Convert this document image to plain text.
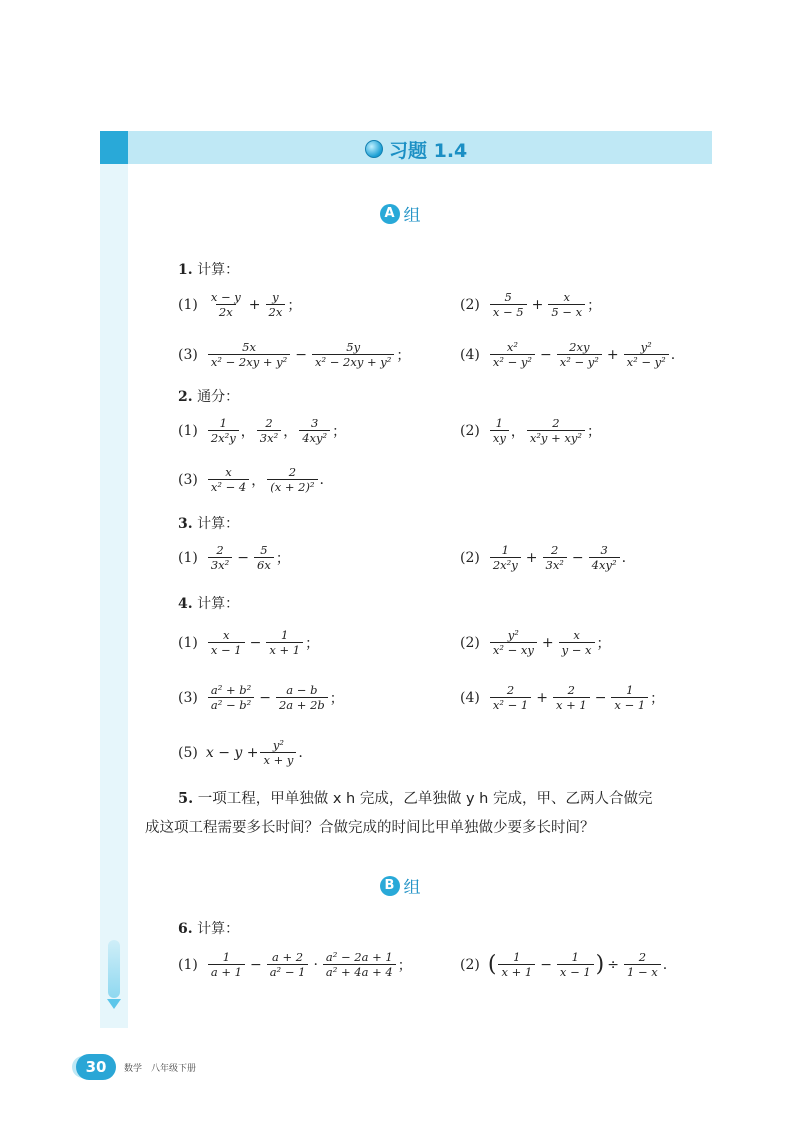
习题 1.4
A 组
1. 计算：
$(1) \frac{x - y}{2x} + \frac{y}{2x}$ ；	$(2) \frac{5}{x - 5} + \frac{x}{5 - x}$ ；
$(3) \frac{5x}{\text{x² − 2xy + y²}} - \frac{5y}{\text{x² − 2xy + y²}}$ ；	$(4) \frac{\text{x²}}{\text{x² − y²}} - \frac{2xy}{\text{x² − y²}} + \frac{\text{y²}}{\text{x² − y²}}$ .
2. 通分：
$(1) \frac{1}{\text{2x²y}}$ ， $\frac{2}{\text{3x²}}$ ， $\frac{3}{\text{4xy²}}$ ；	$(2) \frac{1}{xy}$ ， $\frac{2}{\text{x²y + xy²}}$ ；
$(3) \frac{x}{\text{x² − 4}}$ ， $\frac{2}{\text{(x + 2)²}}$ .
3. 计算：
$(1) \frac{2}{\text{3x²}} - \frac{5}{6x}$ ；	$(2) \frac{1}{\text{2x²y}} + \frac{2}{\text{3x²}} - \frac{3}{\text{4xy²}}$ .
4. 计算：
$(1) \frac{x}{x - 1} - \frac{1}{x + 1}$ ；	$(2) \frac{\text{y²}}{\text{x² − xy}} + \frac{x}{y - x}$ ；
$(3) \frac{\text{a² + b²}}{\text{a² − b²}} - \frac{a - b}{2a + 2b}$ ；	$(4) \frac{2}{\text{x² − 1}} + \frac{2}{x + 1} - \frac{1}{x - 1}$ ；
(5) $x - y + \frac{\text{y²}}{x + y}$ .
5. 一项工程，甲单独做 x h 完成，乙单独做 y h 完成，甲、乙两人合做完
成这项工程需要多长时间？合做完成的时间比甲单独做少要多长时间？
B 组
6. 计算：
$(1) \frac{1}{a + 1} - \frac{a + 2}{\text{a² − 1}} \cdot \frac{\text{a² − 2a + 1}}{\text{a² + 4a + 4}}$ ；	(2) ( $\frac{1}{x + 1} - \frac{1}{x - 1}$ ) ÷ $\frac{2}{1 - x}$ .
30	数学　八年级下册
